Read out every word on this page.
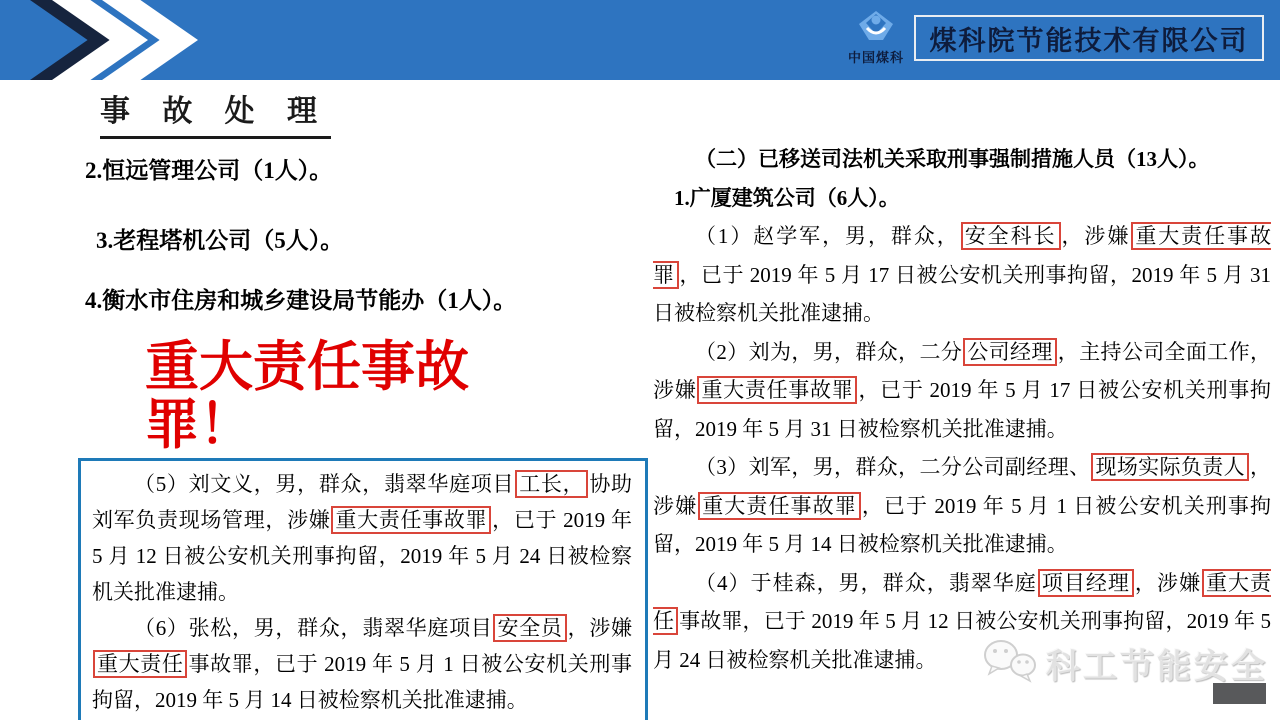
中国煤科
煤科院节能技术有限公司
事 故 处 理
2.恒远管理公司（1人）。
3.老程塔机公司（5人）。
4.衡水市住房和城乡建设局节能办（1人）。
重大责任事故罪！

（5）刘文义，男，群众，翡翠华庭项目 工长， 协助刘军负责现场管理，涉嫌 重大责任事故罪 ，已于 2019 年 5 月 12 日被公安机关刑事拘留，2019 年 5 月 24 日被检察机关批准逮捕。

（6）张松，男，群众，翡翠华庭项目 安全员 ，涉嫌重大责任 事故罪，已于 2019 年 5 月 1 日被公安机关刑事拘留，2019 年 5 月 14 日被检察机关批准逮捕。

（二）已移送司法机关采取刑事强制措施人员（13人）。

1.广厦建筑公司（6人）。

（1）赵学军，男，群众， 安全科长 ，涉嫌 重大责任事故罪 ，已于 2019 年 5 月 17 日被公安机关刑事拘留，2019 年 5 月 31 日被检察机关批准逮捕。

（2）刘为，男，群众，二分 公司经理 ，主持公司全面工作，涉嫌 重大责任事故罪 ，已于 2019 年 5 月 17 日被公安机关刑事拘留，2019 年 5 月 31 日被检察机关批准逮捕。

（3）刘军，男，群众，二分公司副经理、 现场实际负责人 ，涉嫌 重大责任事故罪 ，已于 2019 年 5 月 1 日被公安机关刑事拘留，2019 年 5 月 14 日被检察机关批准逮捕。

（4）于桂森，男，群众，翡翠华庭 项目经理 ，涉嫌 重大责任 事故罪，已于 2019 年 5 月 12 日被公安机关刑事拘留，2019 年 5 月 24 日被检察机关批准逮捕。	科工节能安全
